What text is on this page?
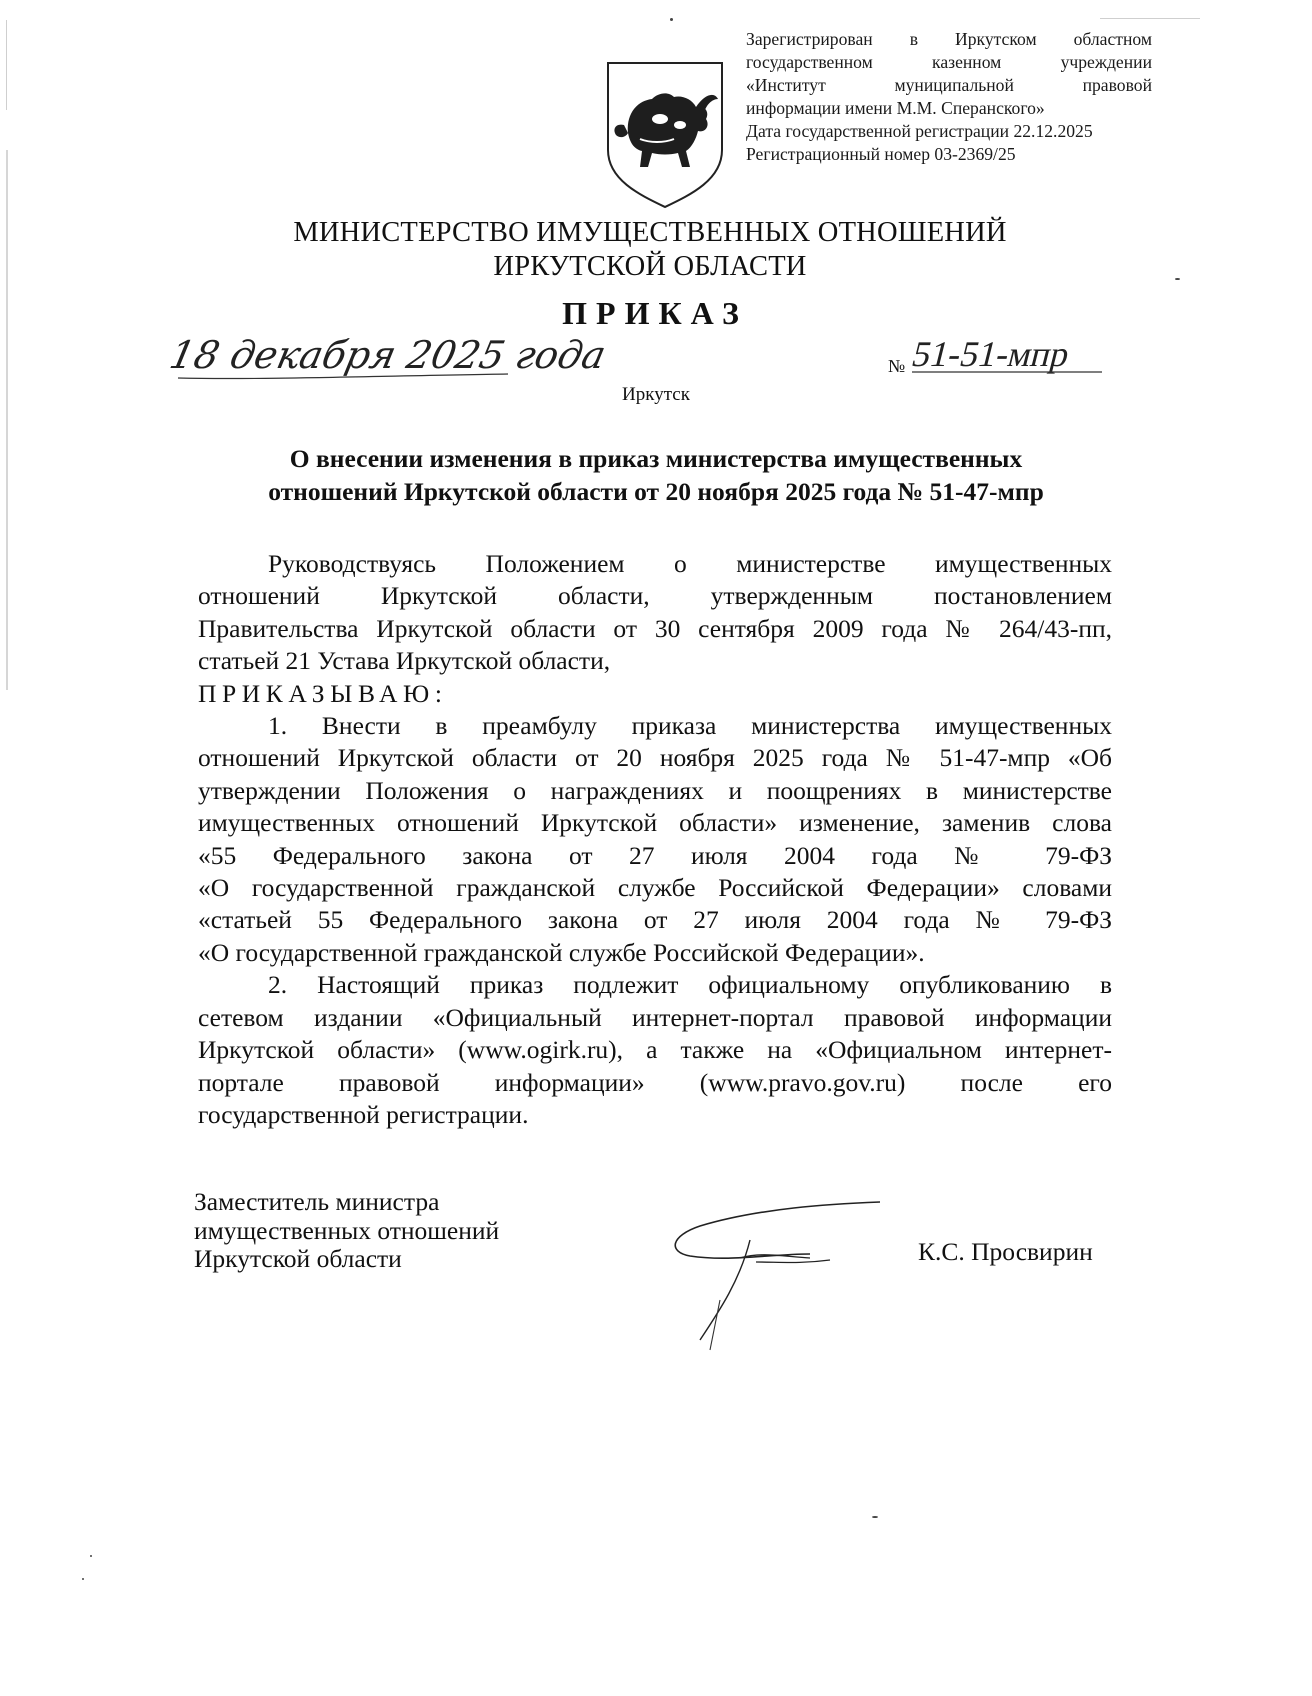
Зарегистрирован в Иркутском областном
государственном казенном учреждении
«Институт муниципальной правовой
информации имени М.М. Сперанского»
Дата государственной регистрации 22.12.2025
Регистрационный номер 03-2369/25
МИНИСТЕРСТВО ИМУЩЕСТВЕННЫХ ОТНОШЕНИЙ
ИРКУТСКОЙ ОБЛАСТИ
ПРИКАЗ
18 декабря 2025 года	№ 51-51-мпр
Иркутск
О внесении изменения в приказ министерства имущественных
отношений Иркутской области от 20 ноября 2025 года № 51-47-мпр
Руководствуясь Положением о министерстве имущественных
отношений Иркутской области, утвержденным постановлением
Правительства Иркутской области от 30 сентября 2009 года № 264/43-пп,
статьей 21 Устава Иркутской области,
ПРИКАЗЫВАЮ:
1. Внести в преамбулу приказа министерства имущественных
отношений Иркутской области от 20 ноября 2025 года № 51-47-мпр «Об
утверждении Положения о награждениях и поощрениях в министерстве
имущественных отношений Иркутской области» изменение, заменив слова
«55 Федерального закона от 27 июля 2004 года № 79-ФЗ
«О государственной гражданской службе Российской Федерации» словами
«статьей 55 Федерального закона от 27 июля 2004 года № 79-ФЗ
«О государственной гражданской службе Российской Федерации».
2. Настоящий приказ подлежит официальному опубликованию в
сетевом издании «Официальный интернет-портал правовой информации
Иркутской области» (www.ogirk.ru), а также на «Официальном интернет-
портале правовой информации» (www.pravo.gov.ru) после его
государственной регистрации.
Заместитель министра
имущественных отношений
Иркутской области	К.С. Просвирин
